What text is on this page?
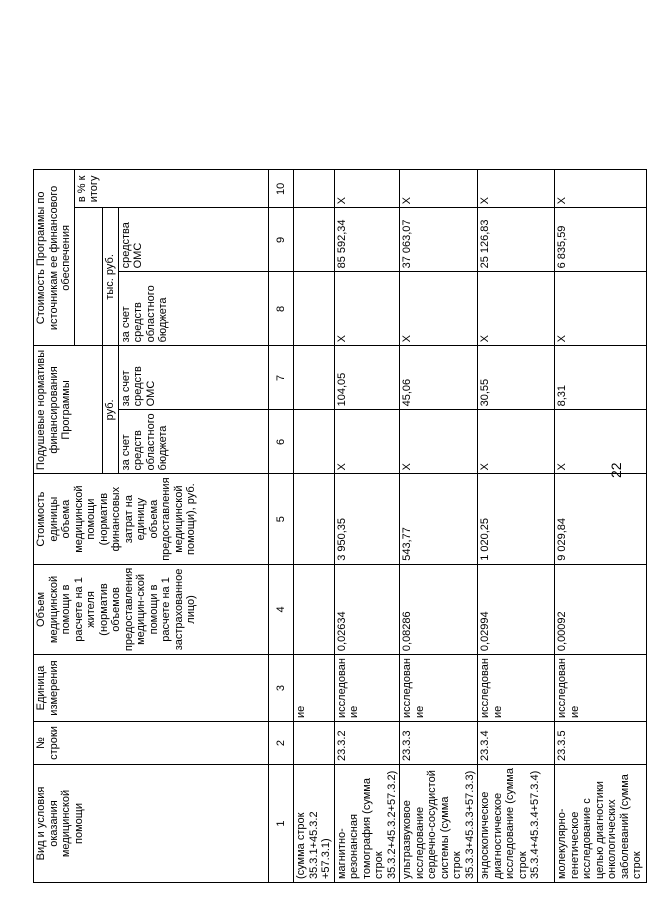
22
Вид и условия оказания медицинской помощи	№ строки	Единица измерения	Объем медицинской помощи в расчете на 1 жителя (норматив объемов предоставления медицин-ской помощи в расчете на 1 застрахованное лицо)	Стоимость единицы объема медицинской помощи (норматив финансовых затрат на единицу объема предоставления медицинской помощи), руб.	Подушевые нормативы финансирования Программы		Стоимость Программы по источникам ее финансового обеспечения		
									в % к итогу
					руб.		тыс. руб.		
					за счет средств областного бюджета	за счет средств ОМС	за счет средств областного бюджета	средства ОМС	
1	2	3	4	5	6	7	8	9	10
(сумма строк 35.3.1+45.3.2 +57.3.1)		ие							
магнитно-резонансная томография (сумма строк 35.3.2+45.3.2+57.3.2)	23.3.2	исследован ие	0,02634	3 950,35	Х	104,05	Х	85 592,34	Х
ультразвуковое исследование сердечно-сосудистой системы (сумма строк 35.3.3+45.3.3+57.3.3)	23.3.3	исследован ие	0,08286	543,77	Х	45,06	Х	37 063,07	Х
эндоскопическое диагностическое исследование (сумма строк 35.3.4+45.3.4+57.3.4)	23.3.4	исследован ие	0,02994	1 020,25	Х	30,55	Х	25 126,83	Х
молекулярно-генетическое исследование с целью диагностики онкологических заболеваний (сумма строк	23.3.5	исследован ие	0,00092	9 029,84	Х	8,31	Х	6 835,59	Х
